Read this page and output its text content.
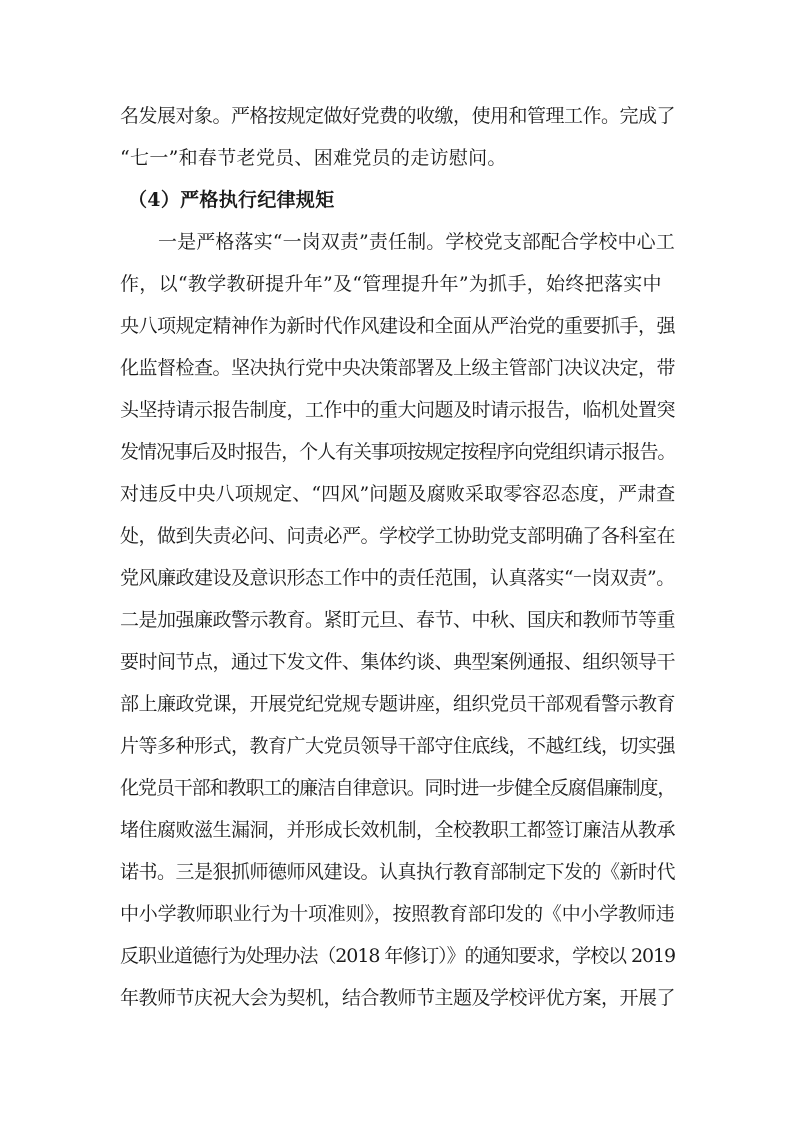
名发展对象。严格按规定做好党费的收缴，使用和管理工作。完成了
“七一”和春节老党员、困难党员的走访慰问。
（4）严格执行纪律规矩
一是严格落实“一岗双责”责任制。学校党支部配合学校中心工
作，以“教学教研提升年”及“管理提升年”为抓手，始终把落实中
央八项规定精神作为新时代作风建设和全面从严治党的重要抓手，强
化监督检查。坚决执行党中央决策部署及上级主管部门决议决定，带
头坚持请示报告制度，工作中的重大问题及时请示报告，临机处置突
发情况事后及时报告，个人有关事项按规定按程序向党组织请示报告。
对违反中央八项规定、“四风”问题及腐败采取零容忍态度，严肃查
处，做到失责必问、问责必严。学校学工协助党支部明确了各科室在
党风廉政建设及意识形态工作中的责任范围，认真落实“一岗双责”。
二是加强廉政警示教育。紧盯元旦、春节、中秋、国庆和教师节等重
要时间节点，通过下发文件、集体约谈、典型案例通报、组织领导干
部上廉政党课，开展党纪党规专题讲座，组织党员干部观看警示教育
片等多种形式，教育广大党员领导干部守住底线，不越红线，切实强
化党员干部和教职工的廉洁自律意识。同时进一步健全反腐倡廉制度，
堵住腐败滋生漏洞，并形成长效机制，全校教职工都签订廉洁从教承
诺书。三是狠抓师德师风建设。认真执行教育部制定下发的《新时代
中小学教师职业行为十项准则》，按照教育部印发的《中小学教师违
反职业道德行为处理办法（2018 年修订）》的通知要求，学校以 2019
年教师节庆祝大会为契机，结合教师节主题及学校评优方案，开展了
